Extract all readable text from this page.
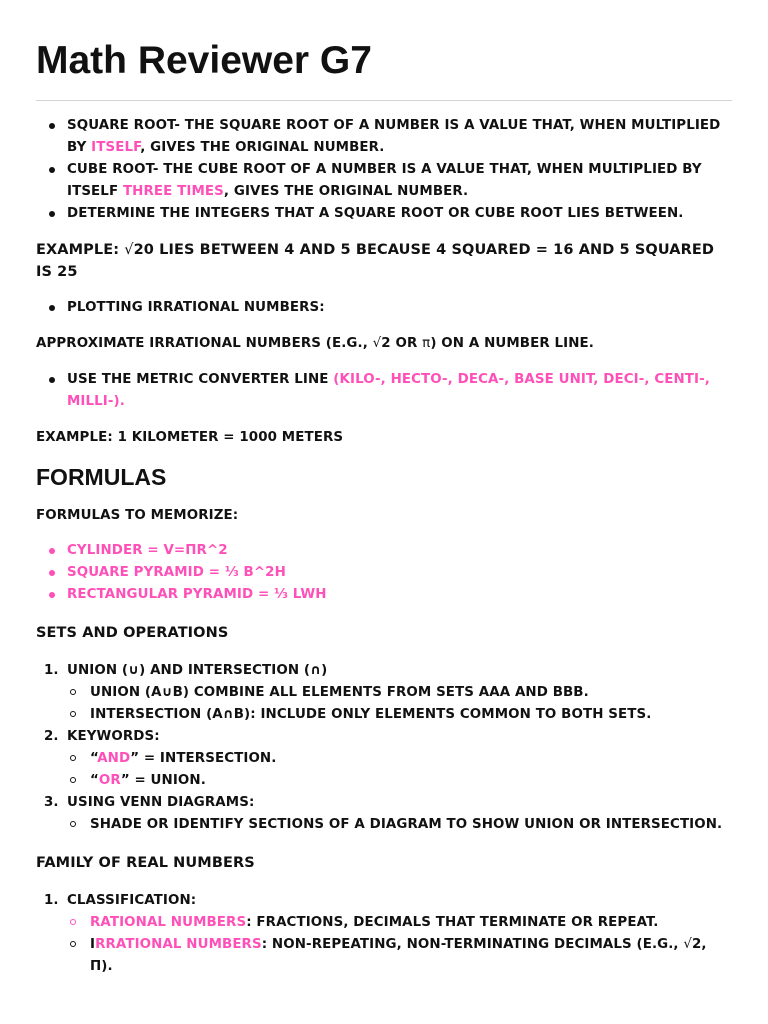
Math Reviewer G7
SQUARE ROOT- THE SQUARE ROOT OF A NUMBER IS A VALUE THAT, WHEN MULTIPLIED BY ITSELF, GIVES THE ORIGINAL NUMBER.
CUBE ROOT- THE CUBE ROOT OF A NUMBER IS A VALUE THAT, WHEN MULTIPLIED BY ITSELF THREE TIMES, GIVES THE ORIGINAL NUMBER.
DETERMINE THE INTEGERS THAT A SQUARE ROOT OR CUBE ROOT LIES BETWEEN.

EXAMPLE: √20 LIES BETWEEN 4 AND 5 BECAUSE 4 SQUARED = 16 AND 5 SQUARED IS 25

PLOTTING IRRATIONAL NUMBERS:

APPROXIMATE IRRATIONAL NUMBERS (E.G., √2 OR π) ON A NUMBER LINE.

USE THE METRIC CONVERTER LINE (KILO-, HECTO-, DECA-, BASE UNIT, DECI-, CENTI-, MILLI-).

EXAMPLE: 1 KILOMETER = 1000 METERS

FORMULAS

FORMULAS TO MEMORIZE:

CYLINDER = V=ΠR^2
SQUARE PYRAMID = ⅓ B^2H
RECTANGULAR PYRAMID = ⅓ LWH
SETS AND OPERATIONS
1. UNION (∪) AND INTERSECTION (∩)
UNION (A∪B) COMBINE ALL ELEMENTS FROM SETS AAA AND BBB.
INTERSECTION (A∩B): INCLUDE ONLY ELEMENTS COMMON TO BOTH SETS.
2. KEYWORDS:
“AND” = INTERSECTION.
“OR” = UNION.
3. USING VENN DIAGRAMS:
SHADE OR IDENTIFY SECTIONS OF A DIAGRAM TO SHOW UNION OR INTERSECTION.
FAMILY OF REAL NUMBERS
1. CLASSIFICATION:
RATIONAL NUMBERS: FRACTIONS, DECIMALS THAT TERMINATE OR REPEAT.
IRRATIONAL NUMBERS: NON-REPEATING, NON-TERMINATING DECIMALS (E.G., √2, Π).
